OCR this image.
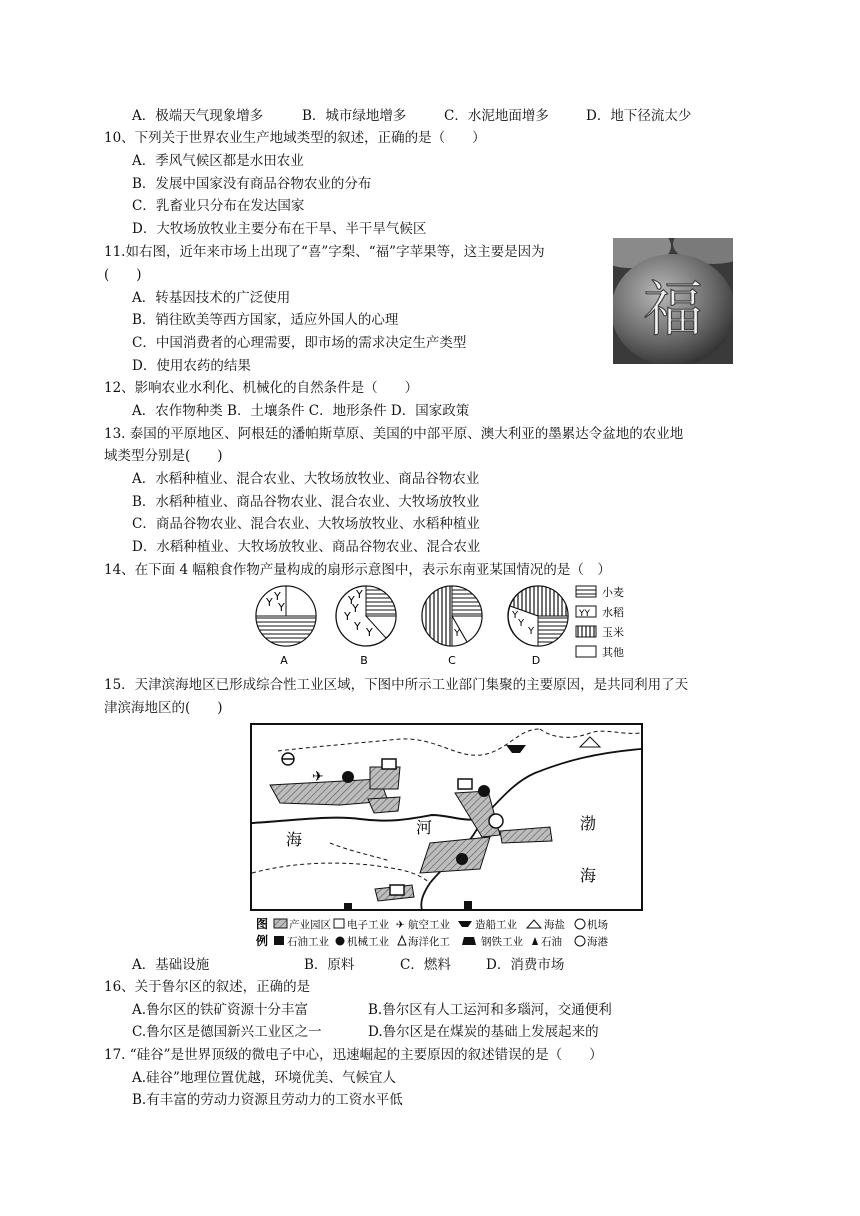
A．极端天气现象增多	B．城市绿地增多	C．水泥地面增多	D．地下径流太少
10、下列关于世界农业生产地域类型的叙述，正确的是（　　）
A．季风气候区都是水田农业
B．发展中国家没有商品谷物农业的分布
C．乳畜业只分布在发达国家
D．大牧场放牧业主要分布在干旱、半干旱气候区
11.如右图，近年来市场上出现了“喜”字梨、“福”字苹果等，这主要是因为
(　　)
A．转基因技术的广泛使用
B．销往欧美等西方国家，适应外国人的心理
C．中国消费者的心理需要，即市场的需求决定生产类型
D．使用农药的结果
福
12、影响农业水利化、机械化的自然条件是（　　）
A．农作物种类 B．土壤条件 C．地形条件 D．国家政策
13. 泰国的平原地区、阿根廷的潘帕斯草原、美国的中部平原、澳大利亚的墨累达令盆地的农业地
域类型分别是(　　)
A．水稻种植业、混合农业、大牧场放牧业、商品谷物农业
B．水稻种植业、商品谷物农业、混合农业、大牧场放牧业
C．商品谷物农业、混合农业、大牧场放牧业、水稻种植业
D．水稻种植业、大牧场放牧业、商品谷物农业、混合农业
14、在下面 4 幅粮食作物产量构成的扇形示意图中，表示东南亚某国情况的是（　）
Y Y
Y
A
Y Y
Y
Y Y
Y
B
Y
C
Y
Y
Y
D
小麦
YY 水稻
玉米
其他
15．天津滨海地区已形成综合性工业区域，下图中所示工业部门集聚的主要原因，是共同利用了天
津滨海地区的(　　)
✈
海
河	渤
海
图
例
产业园区 电子工业 ✈ 航空工业 造船工业	海盐 机场
石油工业 机械工业 海洋化工	钢铁工业 石油 海港
A．基础设施	B．原料	C．燃料	D．消费市场
16、关于鲁尔区的叙述，正确的是
A.鲁尔区的铁矿资源十分丰富	B.鲁尔区有人工运河和多瑙河，交通便利
C.鲁尔区是德国新兴工业区之一	D.鲁尔区是在煤炭的基础上发展起来的
17. “硅谷”是世界顶级的微电子中心，迅速崛起的主要原因的叙述错误的是（　　）
A.硅谷”地理位置优越，环境优美、气候宜人
B.有丰富的劳动力资源且劳动力的工资水平低
